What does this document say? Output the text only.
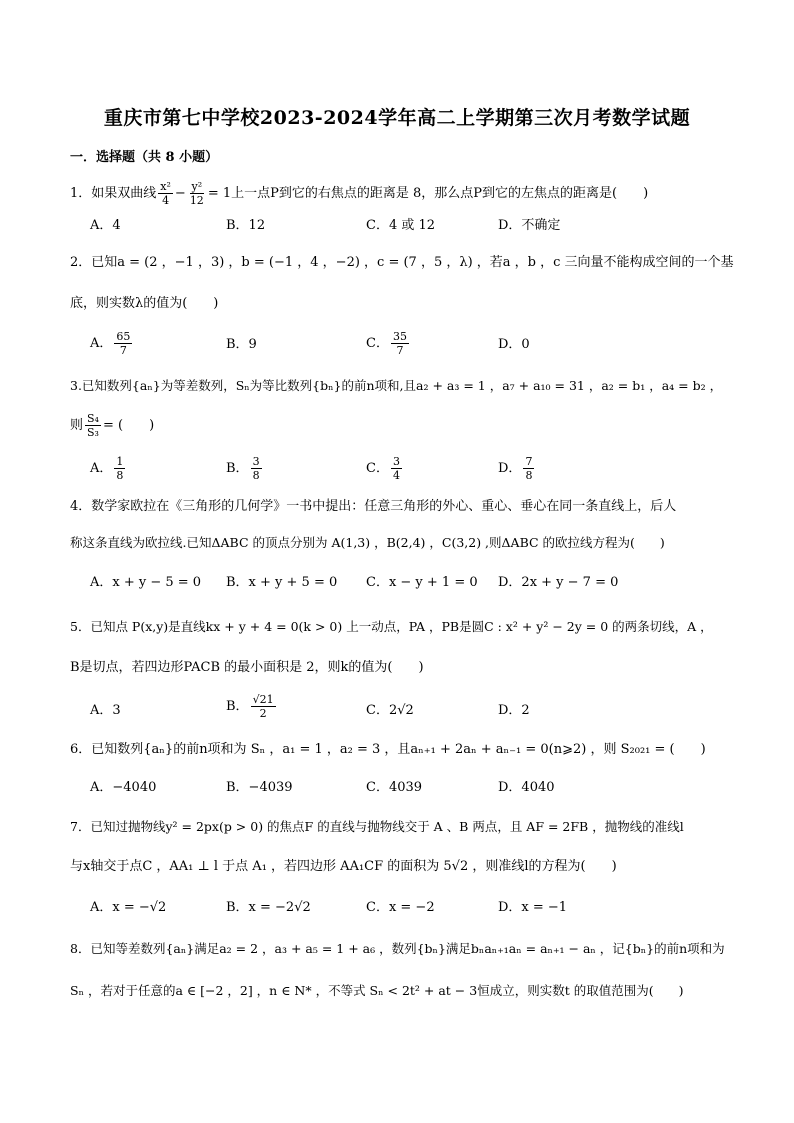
重庆市第七中学校2023-2024学年高二上学期第三次月考数学试题
一．选择题（共 8 小题）
1．如果双曲线 $\frac{\text{x²}}{4} - \frac{\text{y²}}{12} = 1$上一点P到它的右焦点的距离是 8，那么点P到它的左焦点的距离是(　　)
A．4	B．12	C．4 或 12	D．不确定
2．已知a = (2 ，−1 ，3) ，b = (−1 ，4 ，−2) ，c = (7 ，5 ，λ) ，若a ，b ，c 三向量不能构成空间的一个基
底，则实数λ的值为(　　)
A． $\frac{65}{7}$	B．9	C． $\frac{35}{7}$	D．0
3.已知数列{aₙ}为等差数列，Sₙ为等比数列{bₙ}的前n项和,且a₂ + a₃ = 1 ，a₇ + a₁₀ = 31 ，a₂ = b₁ ，a₄ = b₂ ，
则 $\frac{\text{S₄}}{\text{S₃}}$ = (　　)
A． $\frac{1}{8}$	B． $\frac{3}{8}$	C． $\frac{3}{4}$	D． $\frac{7}{8}$
4．数学家欧拉在《三角形的几何学》一书中提出：任意三角形的外心、重心、垂心在同一条直线上，后人
称这条直线为欧拉线.已知ΔABC 的顶点分别为 A(1,3) ，B(2,4) ，C(3,2) ,则ΔABC 的欧拉线方程为(　　)
A．x + y − 5 = 0 B．x + y + 5 = 0 C．x − y + 1 = 0 D．2x + y − 7 = 0
5．已知点 P(x,y)是直线kx + y + 4 = 0(k > 0) 上一动点，PA ，PB是圆C : x² + y² − 2y = 0 的两条切线，A ，
B是切点，若四边形PACB 的最小面积是 2，则k的值为(　　)
A．3	B． $\frac{√21}{2}$	C．2√2	D．2
6．已知数列{aₙ}的前n项和为 Sₙ ，a₁ = 1 ，a₂ = 3 ，且aₙ₊₁ + 2aₙ + aₙ₋₁ = 0(n⩾2) ，则 S₂₀₂₁ = (　　)
A．−4040	B．−4039	C．4039	D．4040
7．已知过抛物线y² = 2px(p > 0) 的焦点F 的直线与抛物线交于 A 、B 两点，且 AF = 2FB ，抛物线的准线l
与x轴交于点C ，AA₁ ⊥ l 于点 A₁ ，若四边形 AA₁CF 的面积为 5√2 ，则准线l的方程为(　　)
A．x = −√2	B．x = −2√2	C．x = −2	D．x = −1
8．已知等差数列{aₙ}满足a₂ = 2 ，a₃ + a₅ = 1 + a₆ ，数列{bₙ}满足bₙaₙ₊₁aₙ = aₙ₊₁ − aₙ ，记{bₙ}的前n项和为
Sₙ ，若对于任意的a ∈ [−2 ，2] ，n ∈ N* ，不等式 Sₙ < 2t² + at − 3恒成立，则实数t 的取值范围为(　　)
